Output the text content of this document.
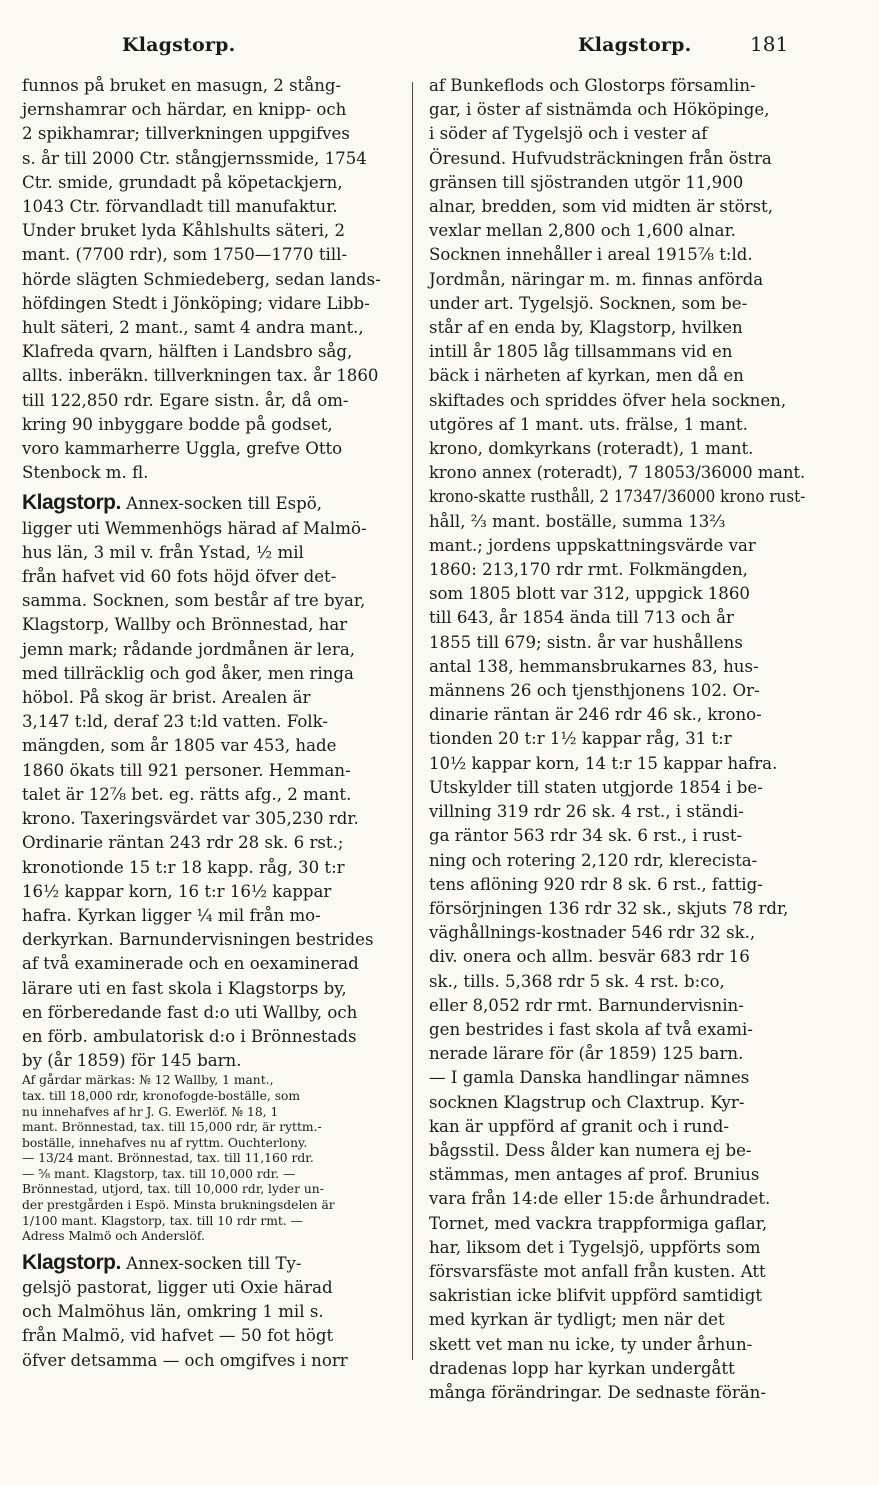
Klagstorp.	Klagstorp.	181
funnos på bruket en masugn, 2 stång-
jernshamrar och härdar, en knipp- och
2 spikhamrar; tillverkningen uppgifves
s. år till 2000 Ctr. stångjernssmide, 1754
Ctr. smide, grundadt på köpetackjern,
1043 Ctr. förvandladt till manufaktur.
Under bruket lyda Kåhlshults säteri, 2
mant. (7700 rdr), som 1750—1770 till-
hörde slägten Schmiedeberg, sedan lands-
höfdingen Stedt i Jönköping; vidare Libb-
hult säteri, 2 mant., samt 4 andra mant.,
Klafreda qvarn, hälften i Landsbro såg,
allts. inberäkn. tillverkningen tax. år 1860
till 122,850 rdr. Egare sistn. år, då om-
kring 90 inbyggare bodde på godset,
voro kammarherre Uggla, grefve Otto
Stenbock m. fl.
Klagstorp. Annex-socken till Espö,
ligger uti Wemmenhögs härad af Malmö-
hus län, 3 mil v. från Ystad, ½ mil
från hafvet vid 60 fots höjd öfver det-
samma. Socknen, som består af tre byar,
Klagstorp, Wallby och Brönnestad, har
jemn mark; rådande jordmånen är lera,
med tillräcklig och god åker, men ringa
höbol. På skog är brist. Arealen är
3,147 t:ld, deraf 23 t:ld vatten. Folk-
mängden, som år 1805 var 453, hade
1860 ökats till 921 personer. Hemman-
talet är 12⅞ bet. eg. rätts afg., 2 mant.
krono. Taxeringsvärdet var 305,230 rdr.
Ordinarie räntan 243 rdr 28 sk. 6 rst.;
kronotionde 15 t:r 18 kapp. råg, 30 t:r
16½ kappar korn, 16 t:r 16½ kappar
hafra. Kyrkan ligger ¼ mil från mo-
derkyrkan. Barnundervisningen bestrides
af två examinerade och en oexaminerad
lärare uti en fast skola i Klagstorps by,
en förberedande fast d:o uti Wallby, och
en förb. ambulatorisk d:o i Brönnestads
by (år 1859) för 145 barn.
Af gårdar märkas: № 12 Wallby, 1 mant.,
tax. till 18,000 rdr, kronofogde-boställe, som
nu innehafves af hr J. G. Ewerlöf. № 18, 1
mant. Brönnestad, tax. till 15,000 rdr, är ryttm.-
boställe, innehafves nu af ryttm. Ouchterlony.
— 13/24 mant. Brönnestad, tax. till 11,160 rdr.
— ⅝ mant. Klagstorp, tax. till 10,000 rdr. —
Brönnestad, utjord, tax. till 10,000 rdr, lyder un-
der prestgården i Espö. Minsta brukningsdelen är
1/100 mant. Klagstorp, tax. till 10 rdr rmt. —
Adress Malmö och Anderslöf.
Klagstorp. Annex-socken till Ty-
gelsjö pastorat, ligger uti Oxie härad
och Malmöhus län, omkring 1 mil s.
från Malmö, vid hafvet — 50 fot högt
öfver detsamma — och omgifves i norr
af Bunkeflods och Glostorps församlin-
gar, i öster af sistnämda och Hököpinge,
i söder af Tygelsjö och i vester af
Öresund. Hufvudsträckningen från östra
gränsen till sjöstranden utgör 11,900
alnar, bredden, som vid midten är störst,
vexlar mellan 2,800 och 1,600 alnar.
Socknen innehåller i areal 1915⅞ t:ld.
Jordmån, näringar m. m. finnas anförda
under art. Tygelsjö. Socknen, som be-
står af en enda by, Klagstorp, hvilken
intill år 1805 låg tillsammans vid en
bäck i närheten af kyrkan, men då en
skiftades och spriddes öfver hela socknen,
utgöres af 1 mant. uts. frälse, 1 mant.
krono, domkyrkans (roteradt), 1 mant.
krono annex (roteradt), 7 18053/36000 mant.
krono-skatte rusthåll, 2 17347/36000 krono rust-
håll, ⅔ mant. boställe, summa 13⅔
mant.; jordens uppskattningsvärde var
1860: 213,170 rdr rmt. Folkmängden,
som 1805 blott var 312, uppgick 1860
till 643, år 1854 ända till 713 och år
1855 till 679; sistn. år var hushållens
antal 138, hemmansbrukarnes 83, hus-
männens 26 och tjensthjonens 102. Or-
dinarie räntan är 246 rdr 46 sk., krono-
tionden 20 t:r 1½ kappar råg, 31 t:r
10½ kappar korn, 14 t:r 15 kappar hafra.
Utskylder till staten utgjorde 1854 i be-
villning 319 rdr 26 sk. 4 rst., i ständi-
ga räntor 563 rdr 34 sk. 6 rst., i rust-
ning och rotering 2,120 rdr, klerecista-
tens aflöning 920 rdr 8 sk. 6 rst., fattig-
försörjningen 136 rdr 32 sk., skjuts 78 rdr,
väghållnings-kostnader 546 rdr 32 sk.,
div. onera och allm. besvär 683 rdr 16
sk., tills. 5,368 rdr 5 sk. 4 rst. b:co,
eller 8,052 rdr rmt. Barnundervisnin-
gen bestrides i fast skola af två exami-
nerade lärare för (år 1859) 125 barn.
— I gamla Danska handlingar nämnes
socknen Klagstrup och Claxtrup. Kyr-
kan är uppförd af granit och i rund-
bågsstil. Dess ålder kan numera ej be-
stämmas, men antages af prof. Brunius
vara från 14:de eller 15:de århundradet.
Tornet, med vackra trappformiga gaflar,
har, liksom det i Tygelsjö, uppförts som
försvarsfäste mot anfall från kusten. Att
sakristian icke blifvit uppförd samtidigt
med kyrkan är tydligt; men när det
skett vet man nu icke, ty under århun-
dradenas lopp har kyrkan undergått
många förändringar. De sednaste förän-
